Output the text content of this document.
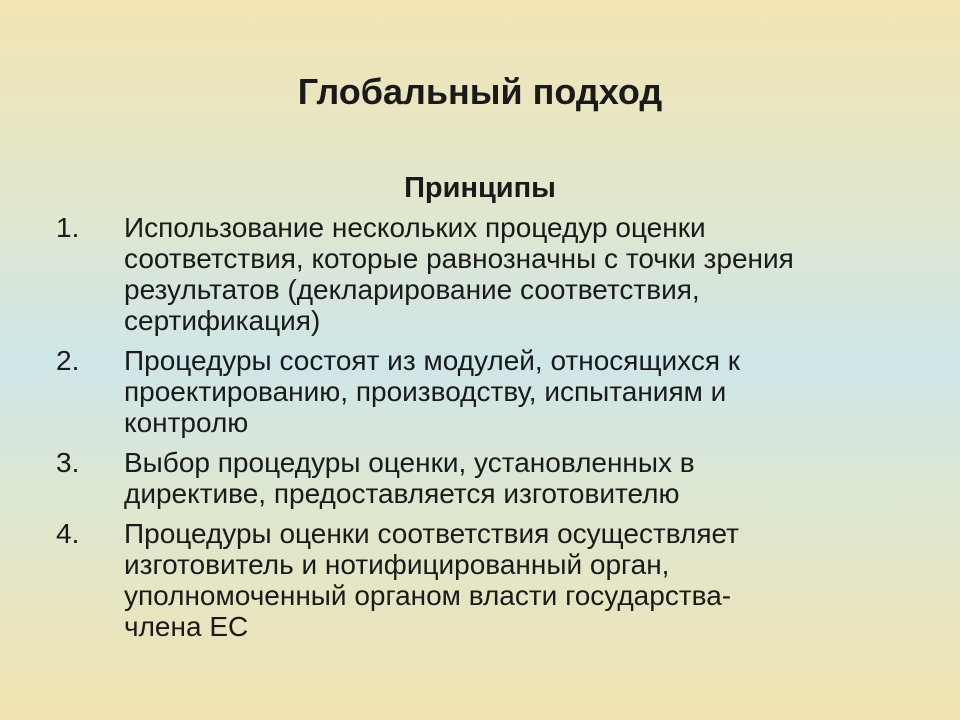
Глобальный подход
Принципы
1.	Использование нескольких процедур оценки
соответствия, которые равнозначны с точки зрения
результатов (декларирование соответствия,
сертификация)
2.	Процедуры состоят из модулей, относящихся к
проектированию, производству, испытаниям и
контролю
3.	Выбор процедуры оценки, установленных в
директиве, предоставляется изготовителю
4.	Процедуры оценки соответствия осуществляет
изготовитель и нотифицированный орган,
уполномоченный органом власти государства-
члена ЕС
